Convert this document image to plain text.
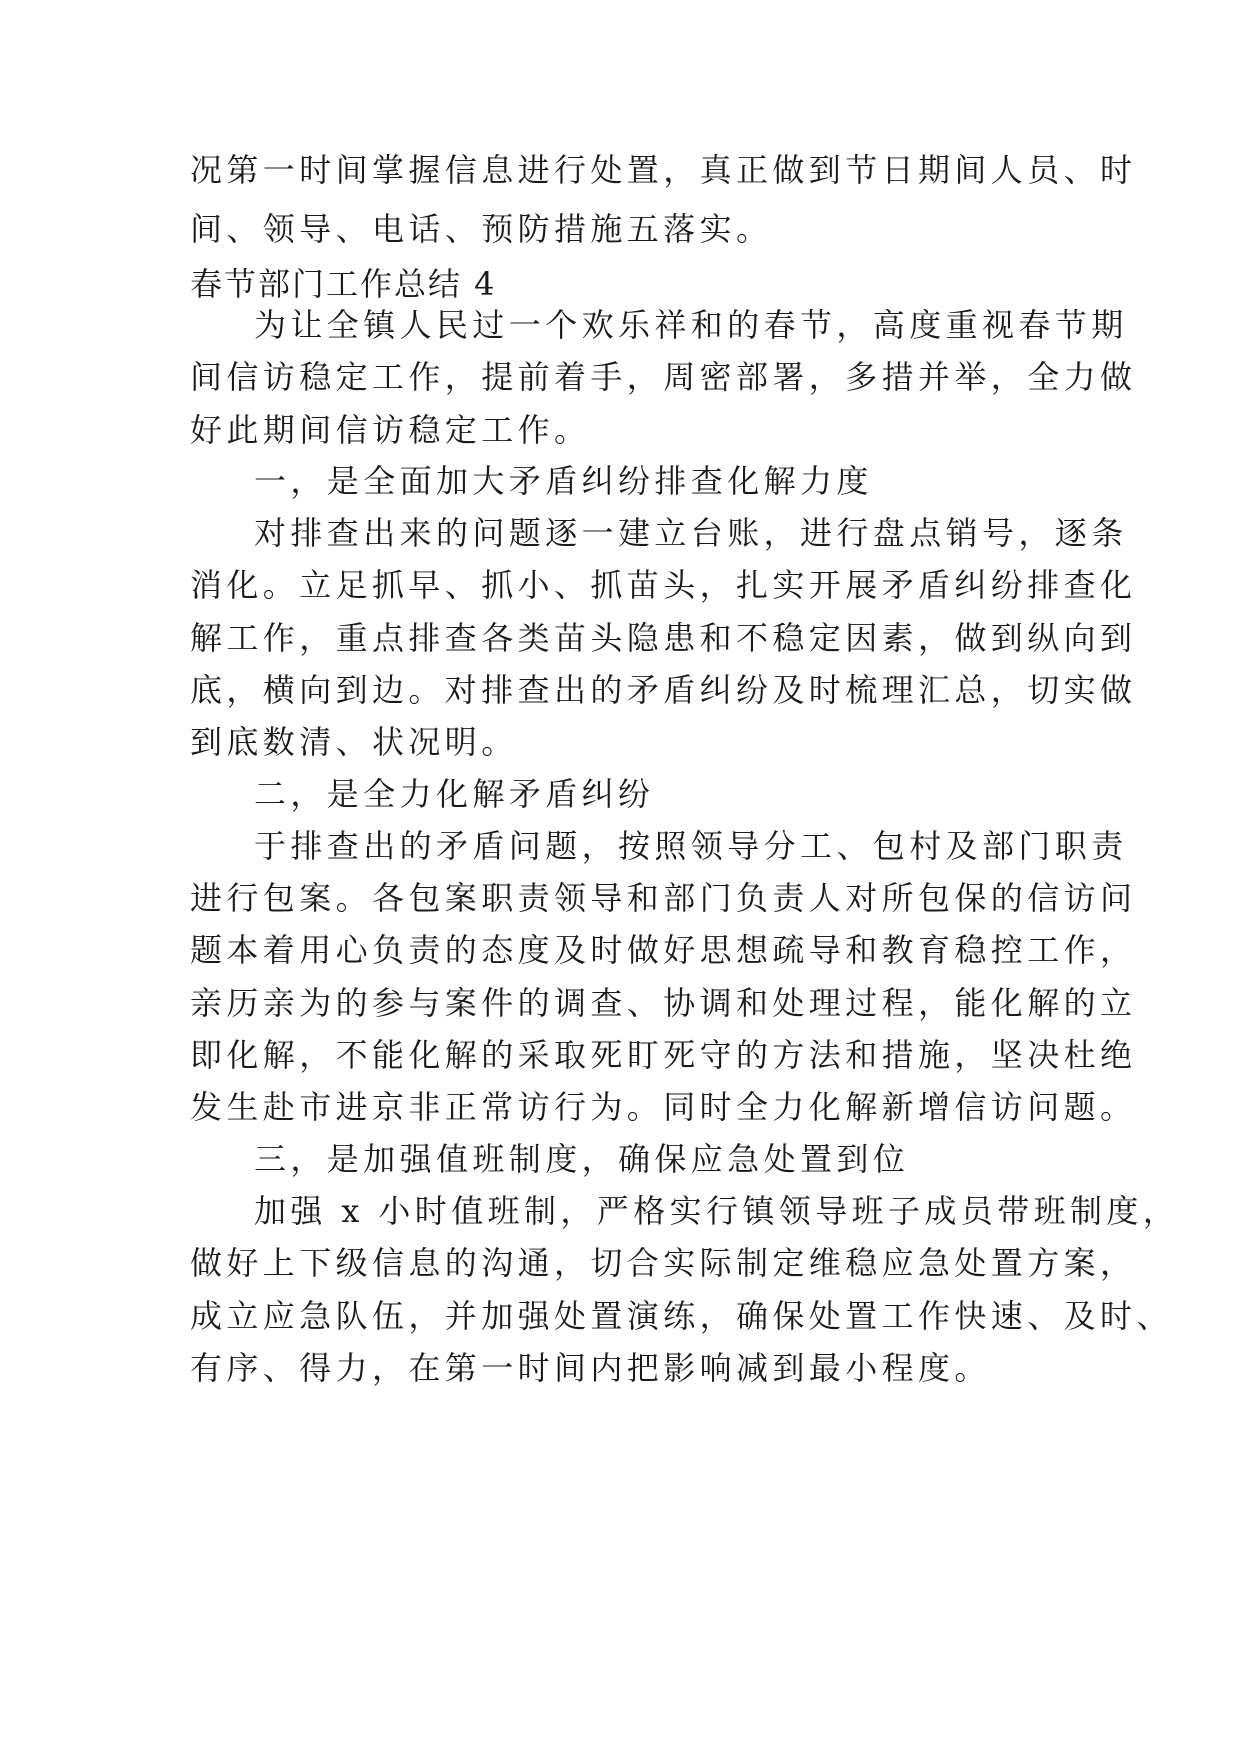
况第一时间掌握信息进行处置，真正做到节日期间人员、时
间、领导、电话、预防措施五落实。
春节部门工作总结 4
为让全镇人民过一个欢乐祥和的春节，高度重视春节期
间信访稳定工作，提前着手，周密部署，多措并举，全力做
好此期间信访稳定工作。
一，是全面加大矛盾纠纷排查化解力度
对排查出来的问题逐一建立台账，进行盘点销号，逐条
消化。立足抓早、抓小、抓苗头，扎实开展矛盾纠纷排查化
解工作，重点排查各类苗头隐患和不稳定因素，做到纵向到
底，横向到边。对排查出的矛盾纠纷及时梳理汇总，切实做
到底数清、状况明。
二，是全力化解矛盾纠纷
于排查出的矛盾问题，按照领导分工、包村及部门职责
进行包案。各包案职责领导和部门负责人对所包保的信访问
题本着用心负责的态度及时做好思想疏导和教育稳控工作，
亲历亲为的参与案件的调查、协调和处理过程，能化解的立
即化解，不能化解的采取死盯死守的方法和措施，坚决杜绝
发生赴市进京非正常访行为。同时全力化解新增信访问题。
三，是加强值班制度，确保应急处置到位
加强 x 小时值班制，严格实行镇领导班子成员带班制度，
做好上下级信息的沟通，切合实际制定维稳应急处置方案，
成立应急队伍，并加强处置演练，确保处置工作快速、及时、
有序、得力，在第一时间内把影响减到最小程度。
